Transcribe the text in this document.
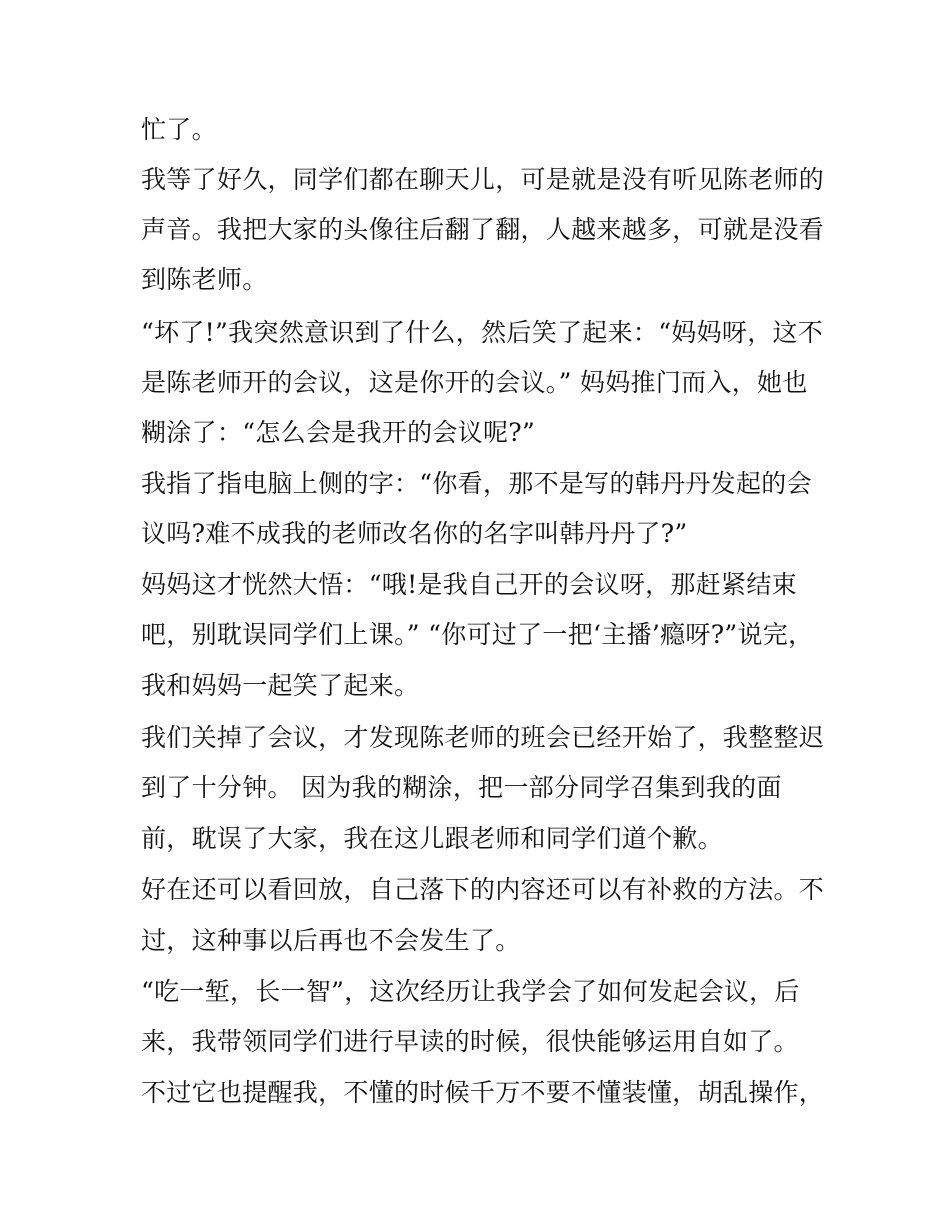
忙了。
我等了好久，同学们都在聊天儿，可是就是没有听见陈老师的
声音。我把大家的头像往后翻了翻，人越来越多，可就是没看
到陈老师。
“坏了!”我突然意识到了什么，然后笑了起来：“妈妈呀，这不
是陈老师开的会议，这是你开的会议。” 妈妈推门而入，她也
糊涂了：“怎么会是我开的会议呢?”
我指了指电脑上侧的字：“你看，那不是写的韩丹丹发起的会
议吗?难不成我的老师改名你的名字叫韩丹丹了?”
妈妈这才恍然大悟：“哦!是我自己开的会议呀，那赶紧结束
吧，别耽误同学们上课。” “你可过了一把‘主播’瘾呀?”说完，
我和妈妈一起笑了起来。
我们关掉了会议，才发现陈老师的班会已经开始了，我整整迟
到了十分钟。 因为我的糊涂，把一部分同学召集到我的面
前，耽误了大家，我在这儿跟老师和同学们道个歉。
好在还可以看回放，自己落下的内容还可以有补救的方法。不
过，这种事以后再也不会发生了。
“吃一堑，长一智”，这次经历让我学会了如何发起会议，后
来，我带领同学们进行早读的时候，很快能够运用自如了。
不过它也提醒我，不懂的时候千万不要不懂装懂，胡乱操作，
